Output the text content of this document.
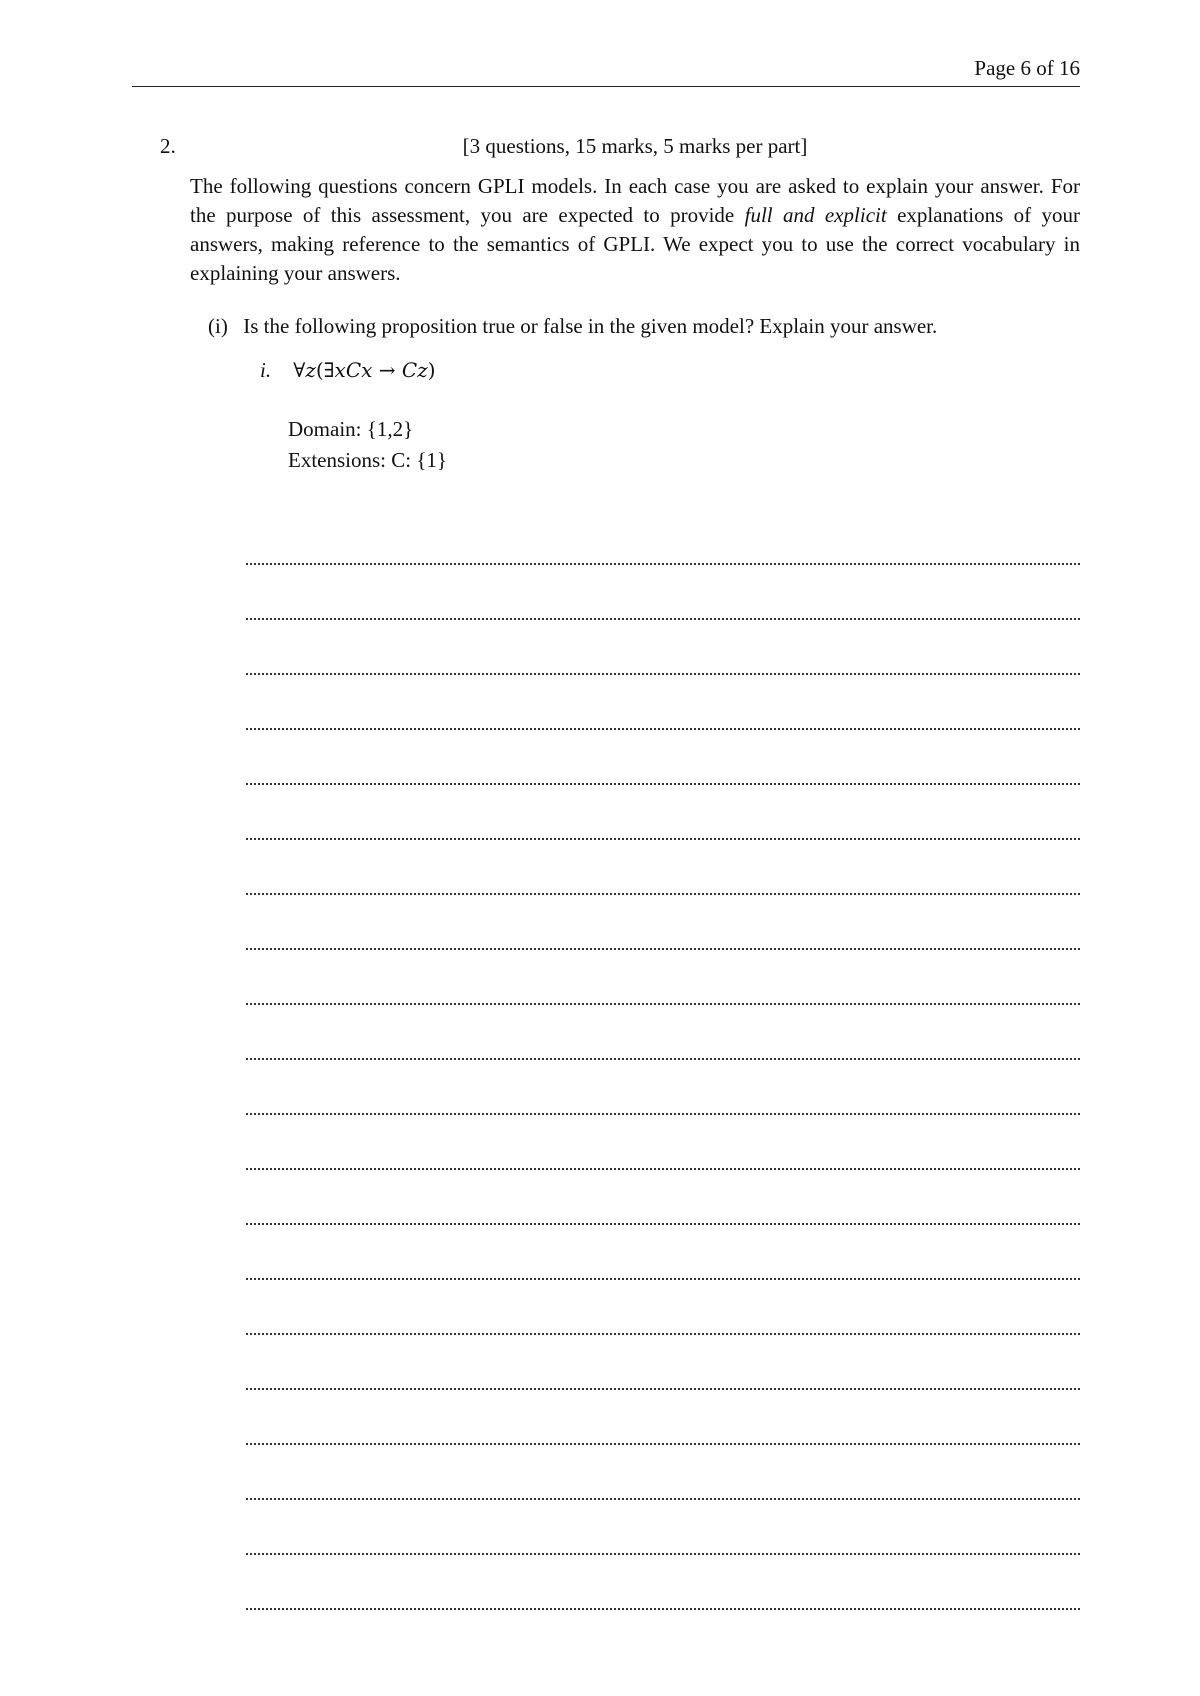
Page 6 of 16
2.	[3 questions, 15 marks, 5 marks per part]

The following questions concern GPLI models. In each case you are asked to explain your answer. For the purpose of this assessment, you are expected to provide full and explicit explanations of your answers, making reference to the semantics of GPLI. We expect you to use the correct vocabulary in explaining your answers.

(i) Is the following proposition true or false in the given model? Explain your answer.
i. ∀z(∃xCx → Cz)
Domain: {1,2}
Extensions: C: {1}
